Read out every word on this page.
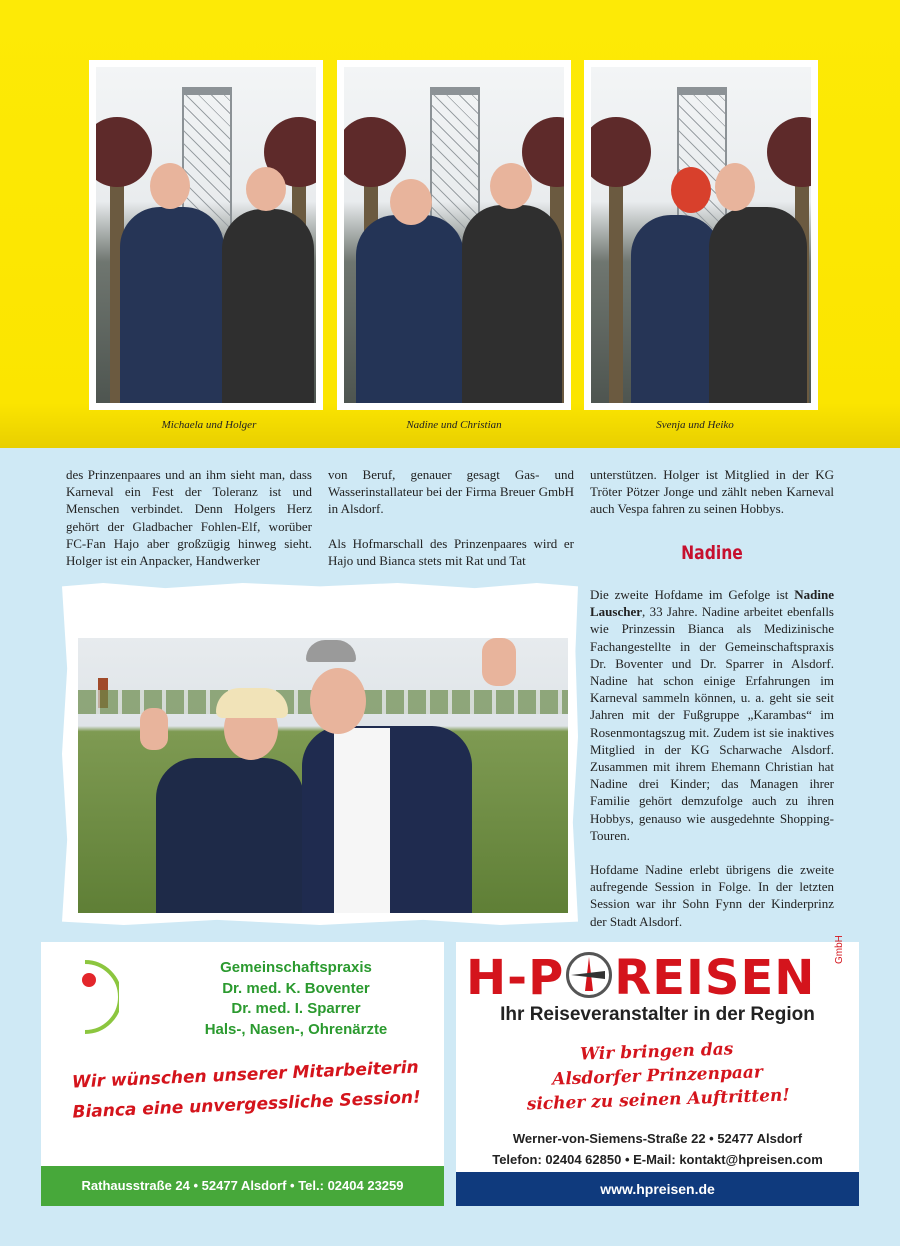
Michaela und Holger	Nadine und Christian	Svenja und Heiko

des Prinzenpaares und an ihm sieht man, dass Karneval ein Fest der Toleranz ist und Menschen verbindet. Denn Holgers Herz gehört der Gladbacher Fohlen-Elf, worüber FC-Fan Hajo aber großzügig hinweg sieht. Holger ist ein Anpacker, Handwerker

von Beruf, genauer gesagt Gas- und Wasserinstallateur bei der Firma Breuer GmbH in Alsdorf.

Als Hofmarschall des Prinzenpaares wird er Hajo und Bianca stets mit Rat und Tat

unterstützen. Holger ist Mitglied in der KG Tröter Pötzer Jonge und zählt neben Karneval auch Vespa fahren zu seinen Hobbys.

Nadine

Die zweite Hofdame im Gefolge ist Nadine Lauscher, 33 Jahre. Nadine arbeitet ebenfalls wie Prinzessin Bianca als Medizinische Fachangestellte in der Gemeinschaftspraxis Dr. Boventer und Dr. Sparrer in Alsdorf. Nadine hat schon einige Erfahrungen im Karneval sammeln können, u. a. geht sie seit Jahren mit der Fußgruppe „Karambas“ im Rosenmontagszug mit. Zudem ist sie inaktives Mitglied in der KG Scharwache Alsdorf. Zusammen mit ihrem Ehemann Christian hat Nadine drei Kinder; das Managen ihrer Familie gehört demzufolge auch zu ihren Hobbys, genauso wie ausgedehnte Shopping-Touren.

Hofdame Nadine erlebt übrigens die zweite aufregende Session in Folge. In der letzten Session war ihr Sohn Fynn der Kinderprinz der Stadt Alsdorf.

Gemeinschaftspraxis
Dr. med. K. Boventer
Dr. med. I. Sparrer
Hals-, Nasen-, Ohrenärzte
Wir wünschen unserer Mitarbeiterin
Bianca eine unvergessliche Session!
Rathausstraße 24 • 52477 Alsdorf • Tel.: 02404 23259
H-P REISEN
GmbH
Ihr Reiseveranstalter in der Region
Wir bringen das
Alsdorfer Prinzenpaar
sicher zu seinen Auftritten!
Werner-von-Siemens-Straße 22 • 52477 Alsdorf
Telefon: 02404 62850 • E-Mail: kontakt@hpreisen.com
www.hpreisen.de
